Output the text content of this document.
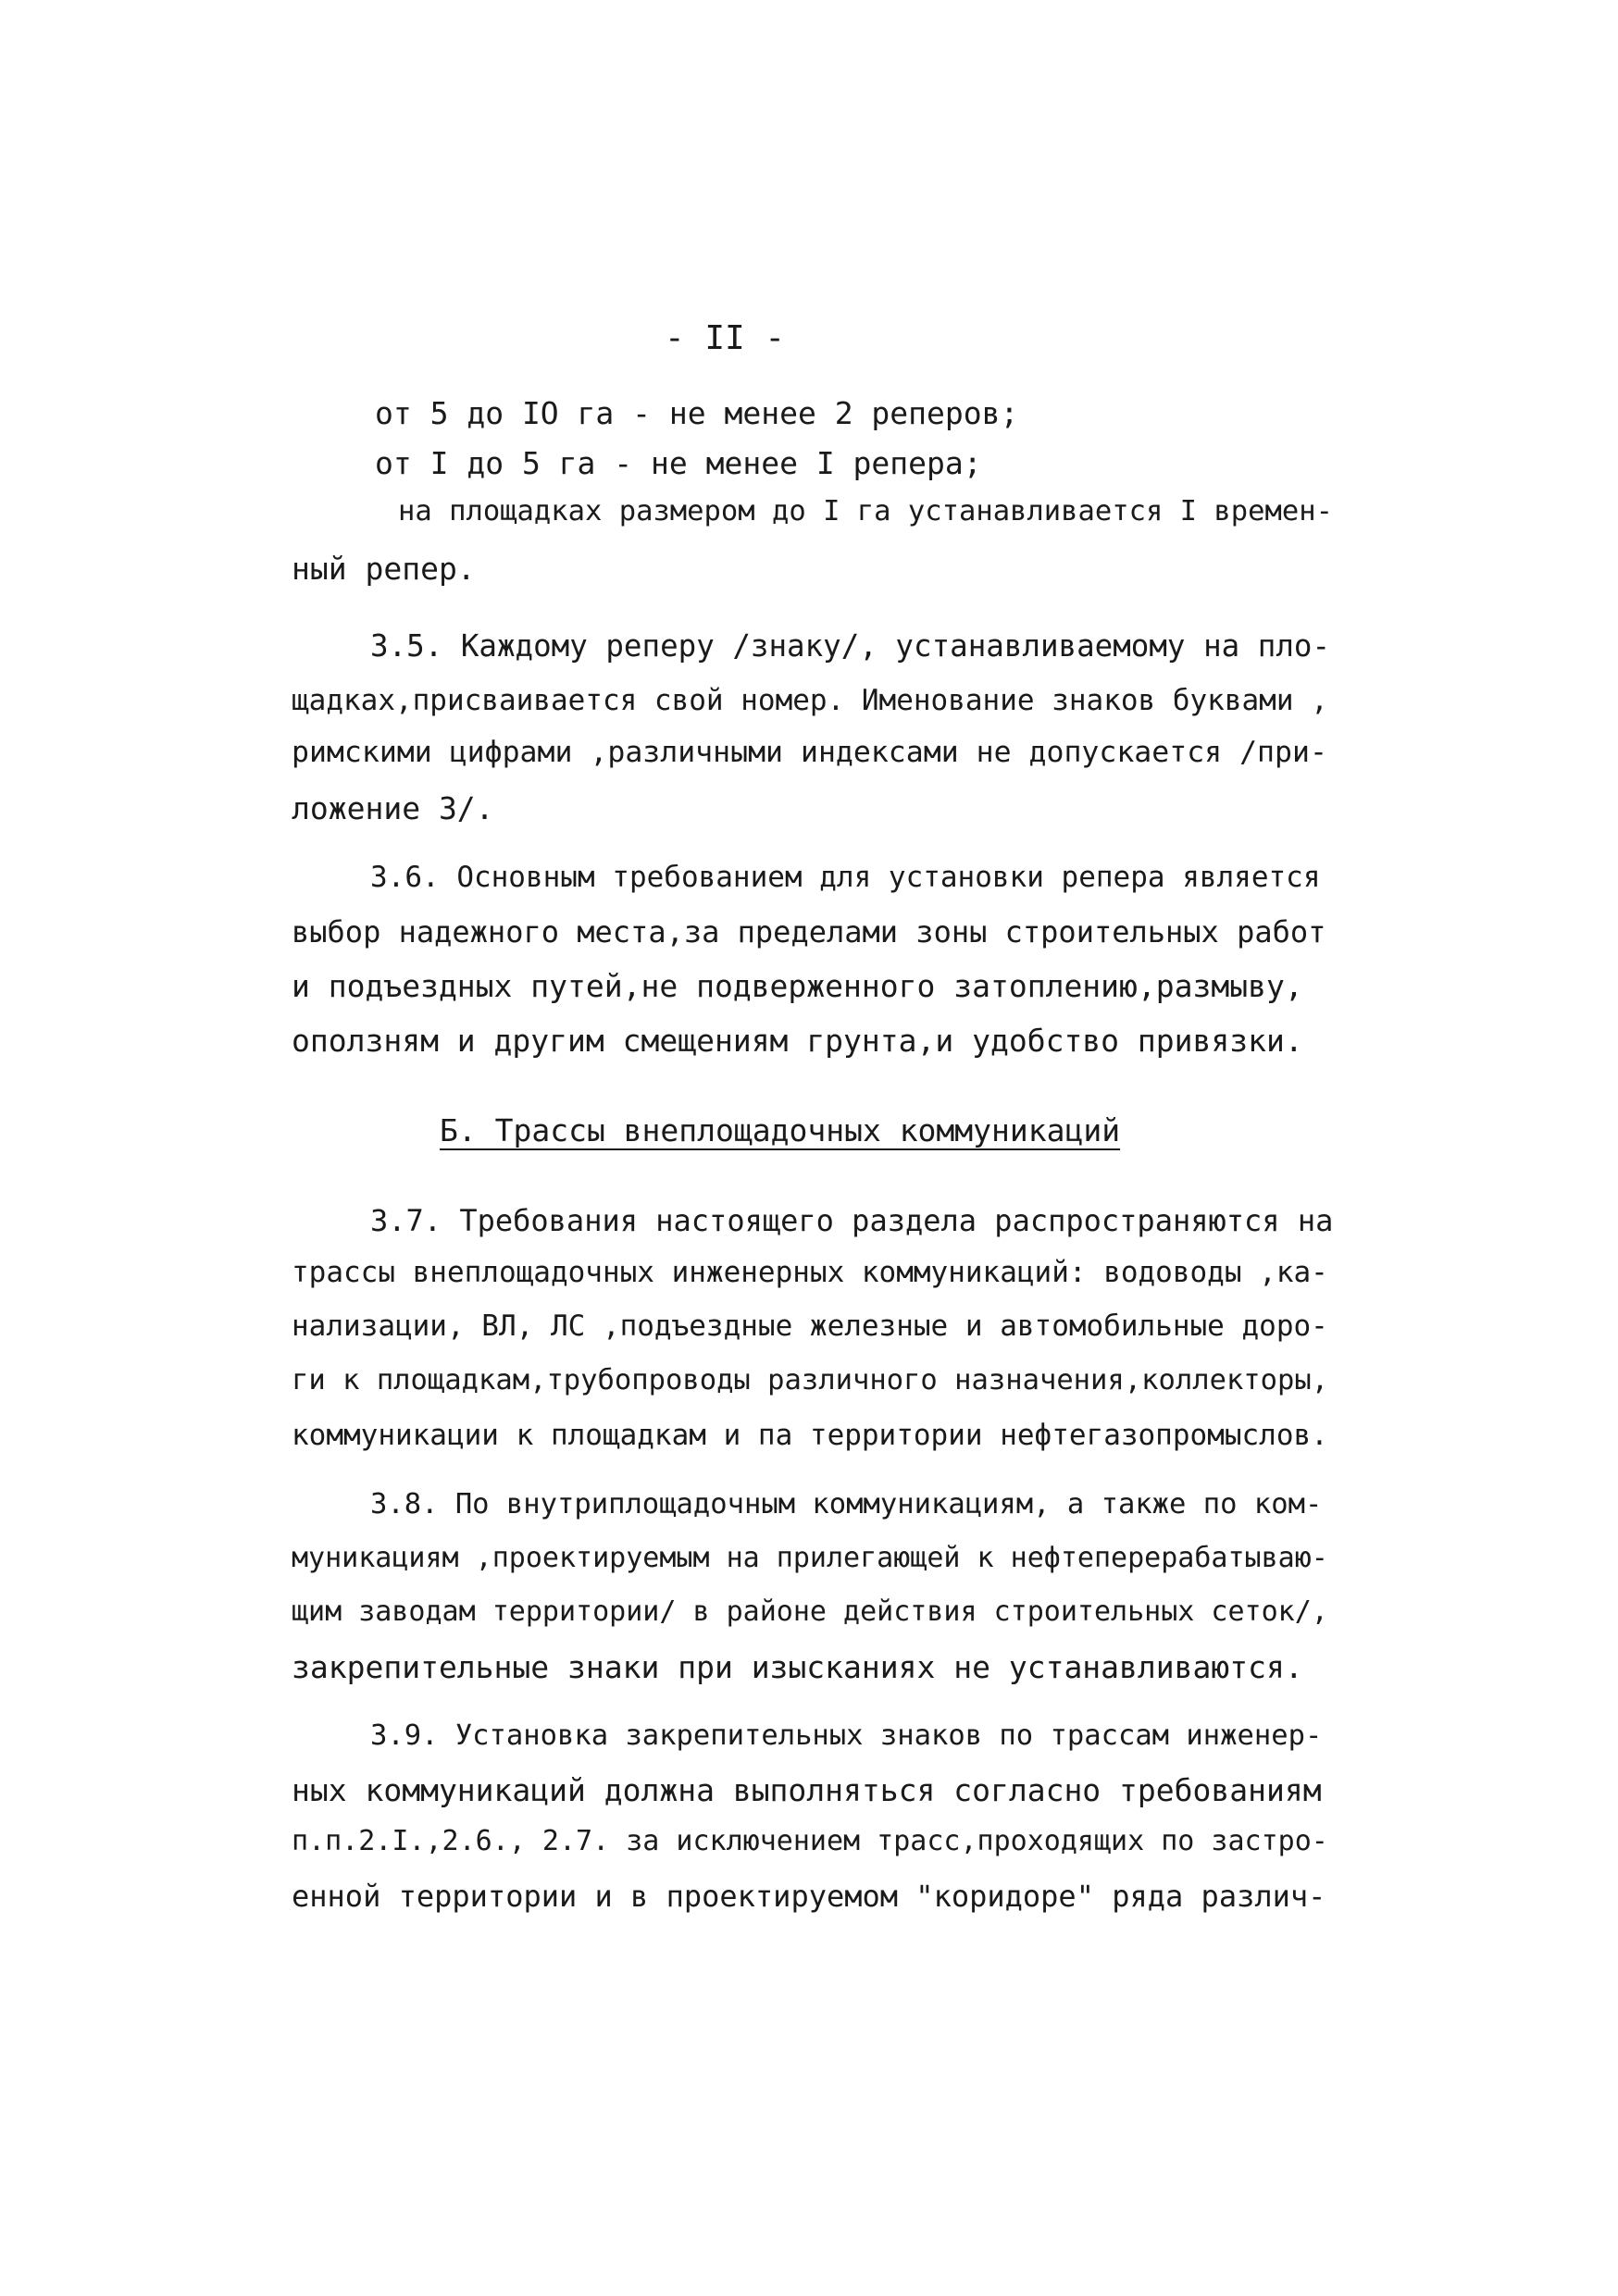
- II -
от 5 до IO га - не менее 2 реперов;
от I до 5 га - не менее I репера;
на площадках размером до I га устанавливается I времен-
ный репер.
3.5. Каждому реперу /знаку/, устанавливаемому на пло-
щадках,присваивается свой номер. Именование знаков буквами ,
римскими цифрами ,различными индексами не допускается /при-
ложение 3/.
3.6. Основным требованием для установки репера является
выбор надежного места,за пределами зоны строительных работ
и подъездных путей,не подверженного затоплению,размыву,
оползням и другим смещениям грунта,и удобство привязки.
Б. Трассы внеплощадочных коммуникаций
3.7. Требования настоящего раздела распространяются на
трассы внеплощадочных инженерных коммуникаций: водоводы ,ка-
нализации, ВЛ, ЛС ,подъездные железные и автомобильные доро-
ги к площадкам,трубопроводы различного назначения,коллекторы,
коммуникации к площадкам и па территории нефтегазопромыслов.
3.8. По внутриплощадочным коммуникациям, а также по ком-
муникациям ,проектируемым на прилегающей к нефтеперерабатываю-
щим заводам территории/ в районе действия строительных сеток/,
закрепительные знаки при изысканиях не устанавливаются.
3.9. Установка закрепительных знаков по трассам инженер-
ных коммуникаций должна выполняться согласно требованиям
п.п.2.I.,2.6., 2.7. за исключением трасс,проходящих по застро-
енной территории и в проектируемом "коридоре" ряда различ-
